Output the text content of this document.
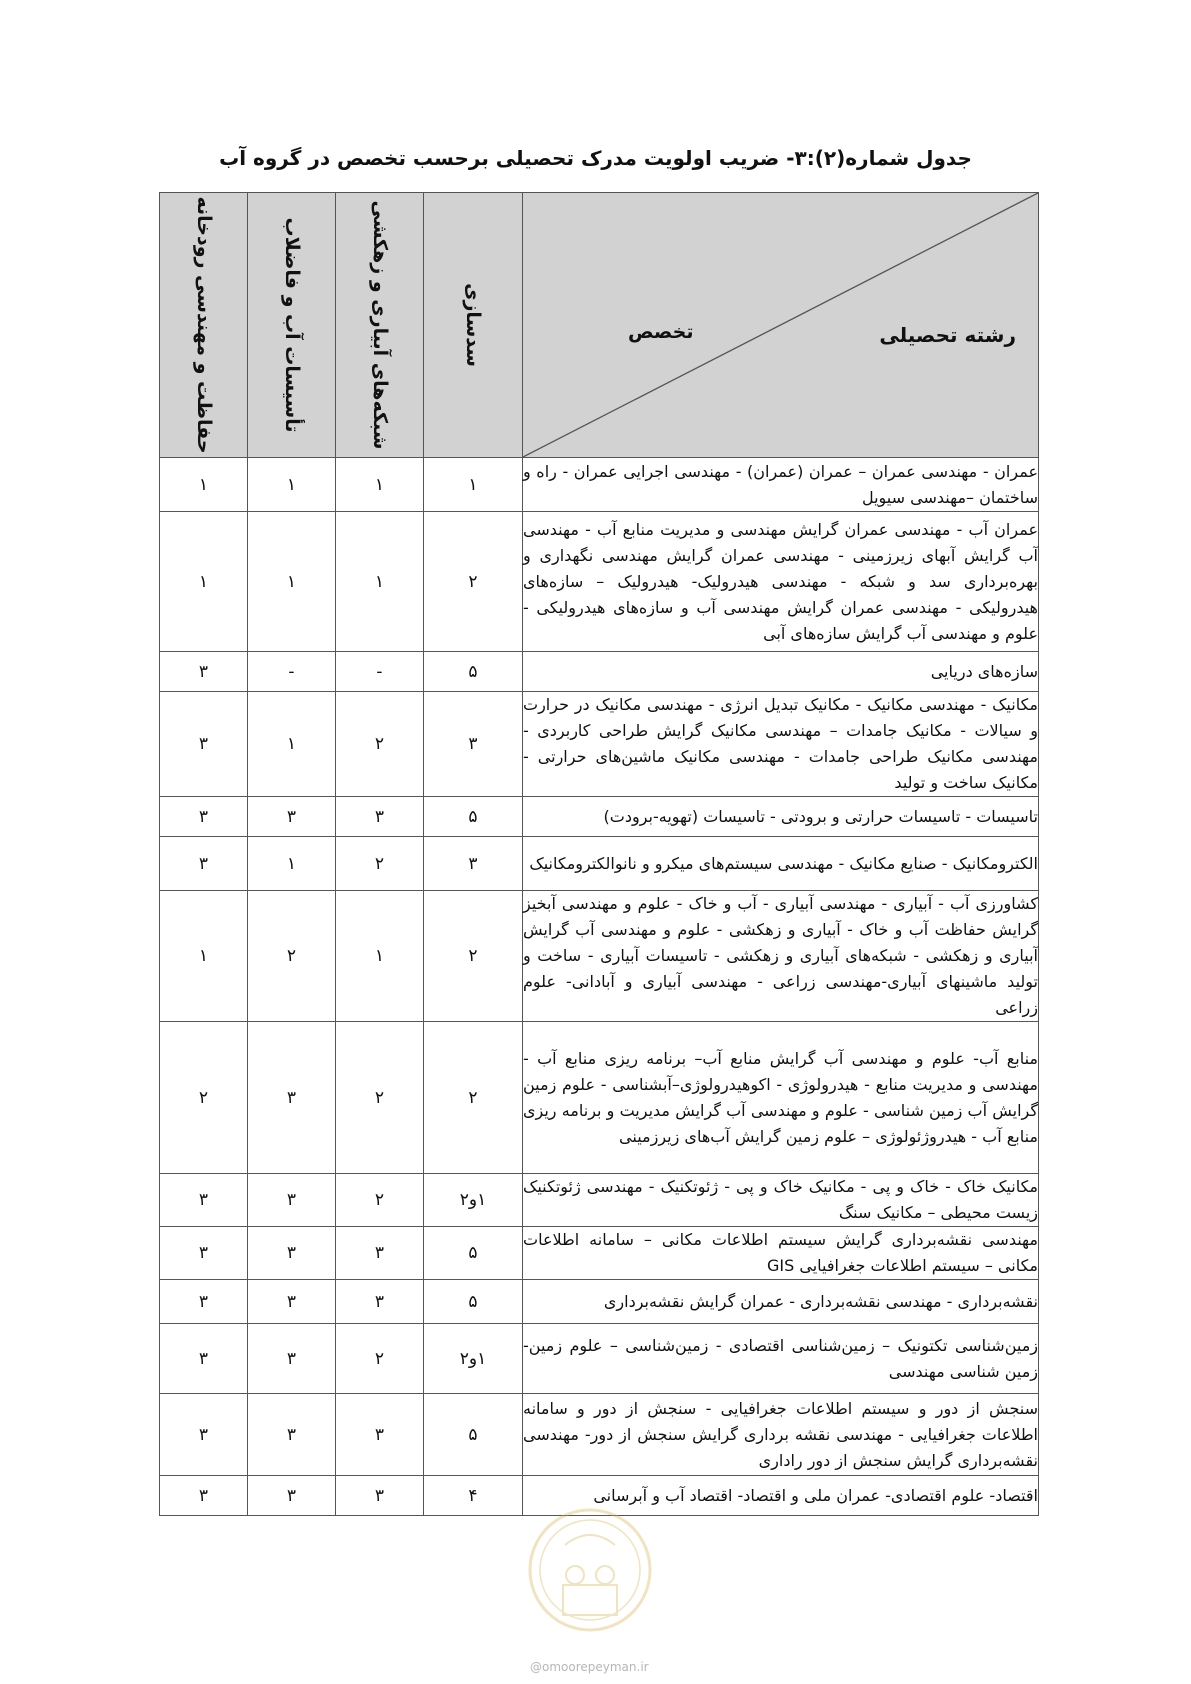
جدول شماره(۲):۳- ضریب اولویت مدرک تحصیلی برحسب تخصص در گروه آب
رشته تحصیلی
تخصص	سدسازی	شبکه‌های آبیاری و زهکشی	تأسیسات آب و فاضلاب	حفاظت و مهندسی رودخانه

عمران - مهندسی عمران – عمران (عمران) - مهندسی اجرایی عمران - راه و ساختمان –مهندسی سیویل	۱	۱	۱	۱
عمران آب - مهندسی عمران گرایش مهندسی و مدیریت منابع آب - مهندسی آب گرایش آبهای زیرزمینی - مهندسی عمران گرایش مهندسی نگهداری و بهره‌برداری سد و شبکه - مهندسی هیدرولیک- هیدرولیک – سازه‌های هیدرولیکی - مهندسی عمران گرایش مهندسی آب و سازه‌های هیدرولیکی - علوم و مهندسی آب گرایش سازه‌های آبی	۲	۱	۱	۱
سازه‌های دریایی	۵	-	-	۳
مکانیک - مهندسی مکانیک - مکانیک تبدیل انرژی - مهندسی مکانیک در حرارت و سیالات - مکانیک جامدات – مهندسی مکانیک گرایش طراحی کاربردی - مهندسی مکانیک طراحی جامدات - مهندسی مکانیک ماشین‌های حرارتی - مکانیک ساخت و تولید	۳	۲	۱	۳
تاسیسات - تاسیسات حرارتی و برودتی - تاسیسات (تهویه-برودت)	۵	۳	۳	۳
الکترومکانیک - صنایع مکانیک - مهندسی سیستم‌های میکرو و نانوالکترومکانیک	۳	۲	۱	۳
کشاورزی آب - آبیاری - مهندسی آبیاری - آب و خاک - علوم و مهندسی آبخیز گرایش حفاظت آب و خاک - آبیاری و زهکشی - علوم و مهندسی آب گرایش آبیاری و زهکشی - شبکه‌های آبیاری و زهکشی - تاسیسات آبیاری - ساخت و تولید ماشینهای آبیاری-مهندسی زراعی - مهندسی آبیاری و آبادانی- علوم زراعی	۲	۱	۲	۱
منابع آب- علوم و مهندسی آب گرایش منابع آب– برنامه ریزی منابع آب - مهندسی و مدیریت منابع - هیدرولوژی - اکوهیدرولوژی–آبشناسی - علوم زمین گرایش آب زمین شناسی - علوم و مهندسی آب گرایش مدیریت و برنامه ریزی منابع آب - هیدروژئولوژی – علوم زمین گرایش آب‌های زیرزمینی	۲	۲	۳	۲
مکانیک خاک - خاک و پی - مکانیک خاک و پی - ژئوتکنیک - مهندسی ژئوتکنیک زیست محیطی – مکانیک سنگ	۱و۲	۲	۳	۳
مهندسی نقشه‌برداری گرایش سیستم اطلاعات مکانی – سامانه اطلاعات مکانی – سیستم اطلاعات جغرافیایی GIS	۵	۳	۳	۳
نقشه‌برداری - مهندسی نقشه‌برداری - عمران گرایش نقشه‌برداری	۵	۳	۳	۳
زمین‌شناسی تکتونیک – زمین‌شناسی اقتصادی - زمین‌شناسی – علوم زمین- زمین شناسی مهندسی	۱و۲	۲	۳	۳
سنجش از دور و سیستم اطلاعات جغرافیایی - سنجش از دور و سامانه اطلاعات جغرافیایی - مهندسی نقشه برداری گرایش سنجش از دور- مهندسی نقشه‌برداری گرایش سنجش از دور راداری	۵	۳	۳	۳
اقتصاد- علوم اقتصادی- عمران ملی و اقتصاد- اقتصاد آب و آبرسانی	۴	۳	۳	۳
@omoorepeyman.ir
